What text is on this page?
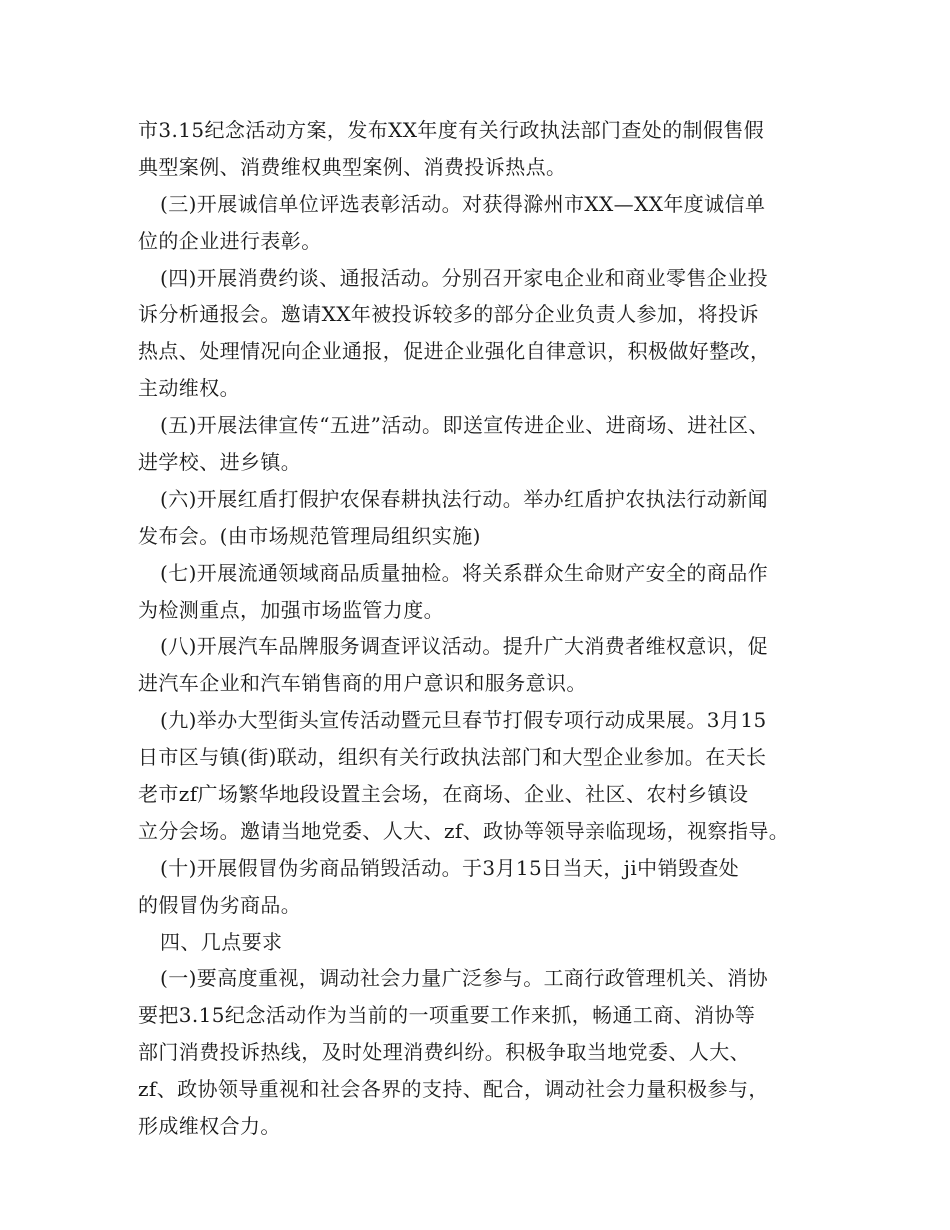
市3.15纪念活动方案，发布XX年度有关行政执法部门查处的制假售假
典型案例、消费维权典型案例、消费投诉热点。
(三)开展诚信单位评选表彰活动。对获得滁州市XX—XX年度诚信单
位的企业进行表彰。
(四)开展消费约谈、通报活动。分别召开家电企业和商业零售企业投
诉分析通报会。邀请XX年被投诉较多的部分企业负责人参加，将投诉
热点、处理情况向企业通报，促进企业强化自律意识，积极做好整改，
主动维权。
(五)开展法律宣传“五进”活动。即送宣传进企业、进商场、进社区、
进学校、进乡镇。
(六)开展红盾打假护农保春耕执法行动。举办红盾护农执法行动新闻
发布会。(由市场规范管理局组织实施)
(七)开展流通领域商品质量抽检。将关系群众生命财产安全的商品作
为检测重点，加强市场监管力度。
(八)开展汽车品牌服务调查评议活动。提升广大消费者维权意识，促
进汽车企业和汽车销售商的用户意识和服务意识。
(九)举办大型街头宣传活动暨元旦春节打假专项行动成果展。3月15
日市区与镇(街)联动，组织有关行政执法部门和大型企业参加。在天长
老市zf广场繁华地段设置主会场，在商场、企业、社区、农村乡镇设
立分会场。邀请当地党委、人大、zf、政协等领导亲临现场，视察指导。
(十)开展假冒伪劣商品销毁活动。于3月15日当天，ji中销毁查处
的假冒伪劣商品。
四、几点要求
(一)要高度重视，调动社会力量广泛参与。工商行政管理机关、消协
要把3.15纪念活动作为当前的一项重要工作来抓，畅通工商、消协等
部门消费投诉热线，及时处理消费纠纷。积极争取当地党委、人大、
zf、政协领导重视和社会各界的支持、配合，调动社会力量积极参与，
形成维权合力。
